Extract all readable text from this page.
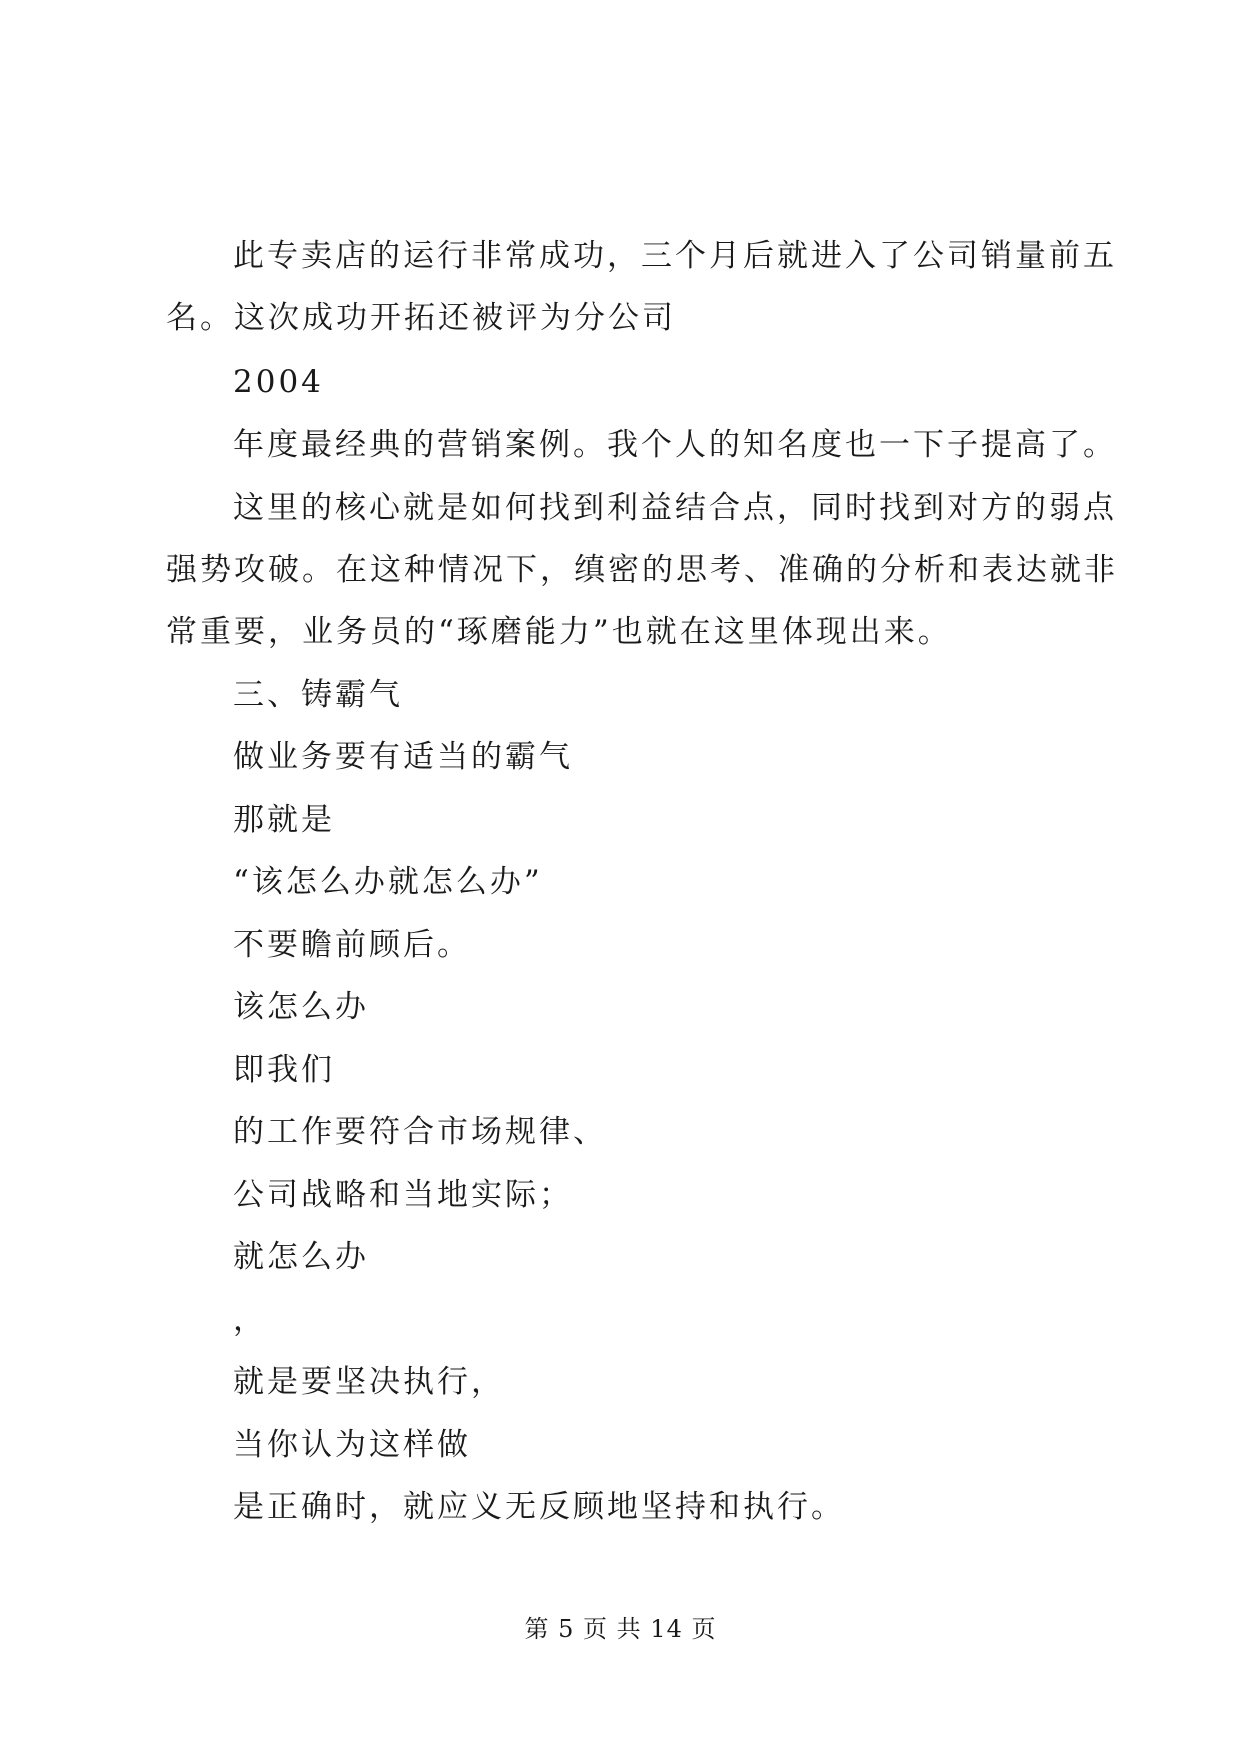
此专卖店的运行非常成功，三个月后就进入了公司销量前五
名。这次成功开拓还被评为分公司
2004
年度最经典的营销案例。我个人的知名度也一下子提高了。
这里的核心就是如何找到利益结合点，同时找到对方的弱点
强势攻破。在这种情况下，缜密的思考、准确的分析和表达就非
常重要，业务员的“琢磨能力”也就在这里体现出来。
三、铸霸气
做业务要有适当的霸气
那就是
“该怎么办就怎么办”
不要瞻前顾后。
该怎么办
即我们
的工作要符合市场规律、
公司战略和当地实际；
就怎么办
，
就是要坚决执行，
当你认为这样做
是正确时，就应义无反顾地坚持和执行。
第 5 页 共 14 页
